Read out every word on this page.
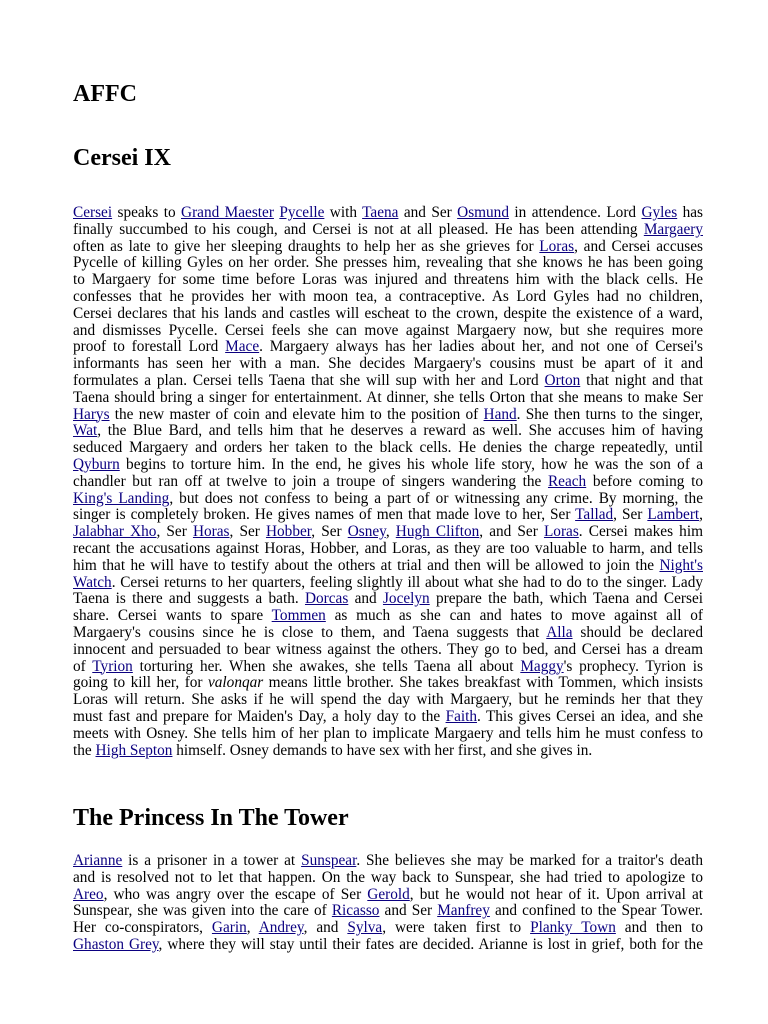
AFFC
Cersei IX
Cersei speaks to Grand Maester Pycelle with Taena and Ser Osmund in attendence. Lord Gyles has
finally succumbed to his cough, and Cersei is not at all pleased. He has been attending Margaery
often as late to give her sleeping draughts to help her as she grieves for Loras, and Cersei accuses
Pycelle of killing Gyles on her order. She presses him, revealing that she knows he has been going
to Margaery for some time before Loras was injured and threatens him with the black cells. He
confesses that he provides her with moon tea, a contraceptive. As Lord Gyles had no children,
Cersei declares that his lands and castles will escheat to the crown, despite the existence of a ward,
and dismisses Pycelle. Cersei feels she can move against Margaery now, but she requires more
proof to forestall Lord Mace. Margaery always has her ladies about her, and not one of Cersei's
informants has seen her with a man. She decides Margaery's cousins must be apart of it and
formulates a plan. Cersei tells Taena that she will sup with her and Lord Orton that night and that
Taena should bring a singer for entertainment. At dinner, she tells Orton that she means to make Ser
Harys the new master of coin and elevate him to the position of Hand. She then turns to the singer,
Wat, the Blue Bard, and tells him that he deserves a reward as well. She accuses him of having
seduced Margaery and orders her taken to the black cells. He denies the charge repeatedly, until
Qyburn begins to torture him. In the end, he gives his whole life story, how he was the son of a
chandler but ran off at twelve to join a troupe of singers wandering the Reach before coming to
King's Landing, but does not confess to being a part of or witnessing any crime. By morning, the
singer is completely broken. He gives names of men that made love to her, Ser Tallad, Ser Lambert,
Jalabhar Xho, Ser Horas, Ser Hobber, Ser Osney, Hugh Clifton, and Ser Loras. Cersei makes him
recant the accusations against Horas, Hobber, and Loras, as they are too valuable to harm, and tells
him that he will have to testify about the others at trial and then will be allowed to join the Night's
Watch. Cersei returns to her quarters, feeling slightly ill about what she had to do to the singer. Lady
Taena is there and suggests a bath. Dorcas and Jocelyn prepare the bath, which Taena and Cersei
share. Cersei wants to spare Tommen as much as she can and hates to move against all of
Margaery's cousins since he is close to them, and Taena suggests that Alla should be declared
innocent and persuaded to bear witness against the others. They go to bed, and Cersei has a dream
of Tyrion torturing her. When she awakes, she tells Taena all about Maggy's prophecy. Tyrion is
going to kill her, for valonqar means little brother. She takes breakfast with Tommen, which insists
Loras will return. She asks if he will spend the day with Margaery, but he reminds her that they
must fast and prepare for Maiden's Day, a holy day to the Faith. This gives Cersei an idea, and she
meets with Osney. She tells him of her plan to implicate Margaery and tells him he must confess to
the High Septon himself. Osney demands to have sex with her first, and she gives in.
The Princess In The Tower
Arianne is a prisoner in a tower at Sunspear. She believes she may be marked for a traitor's death
and is resolved not to let that happen. On the way back to Sunspear, she had tried to apologize to
Areo, who was angry over the escape of Ser Gerold, but he would not hear of it. Upon arrival at
Sunspear, she was given into the care of Ricasso and Ser Manfrey and confined to the Spear Tower.
Her co-conspirators, Garin, Andrey, and Sylva, were taken first to Planky Town and then to
Ghaston Grey, where they will stay until their fates are decided. Arianne is lost in grief, both for the
